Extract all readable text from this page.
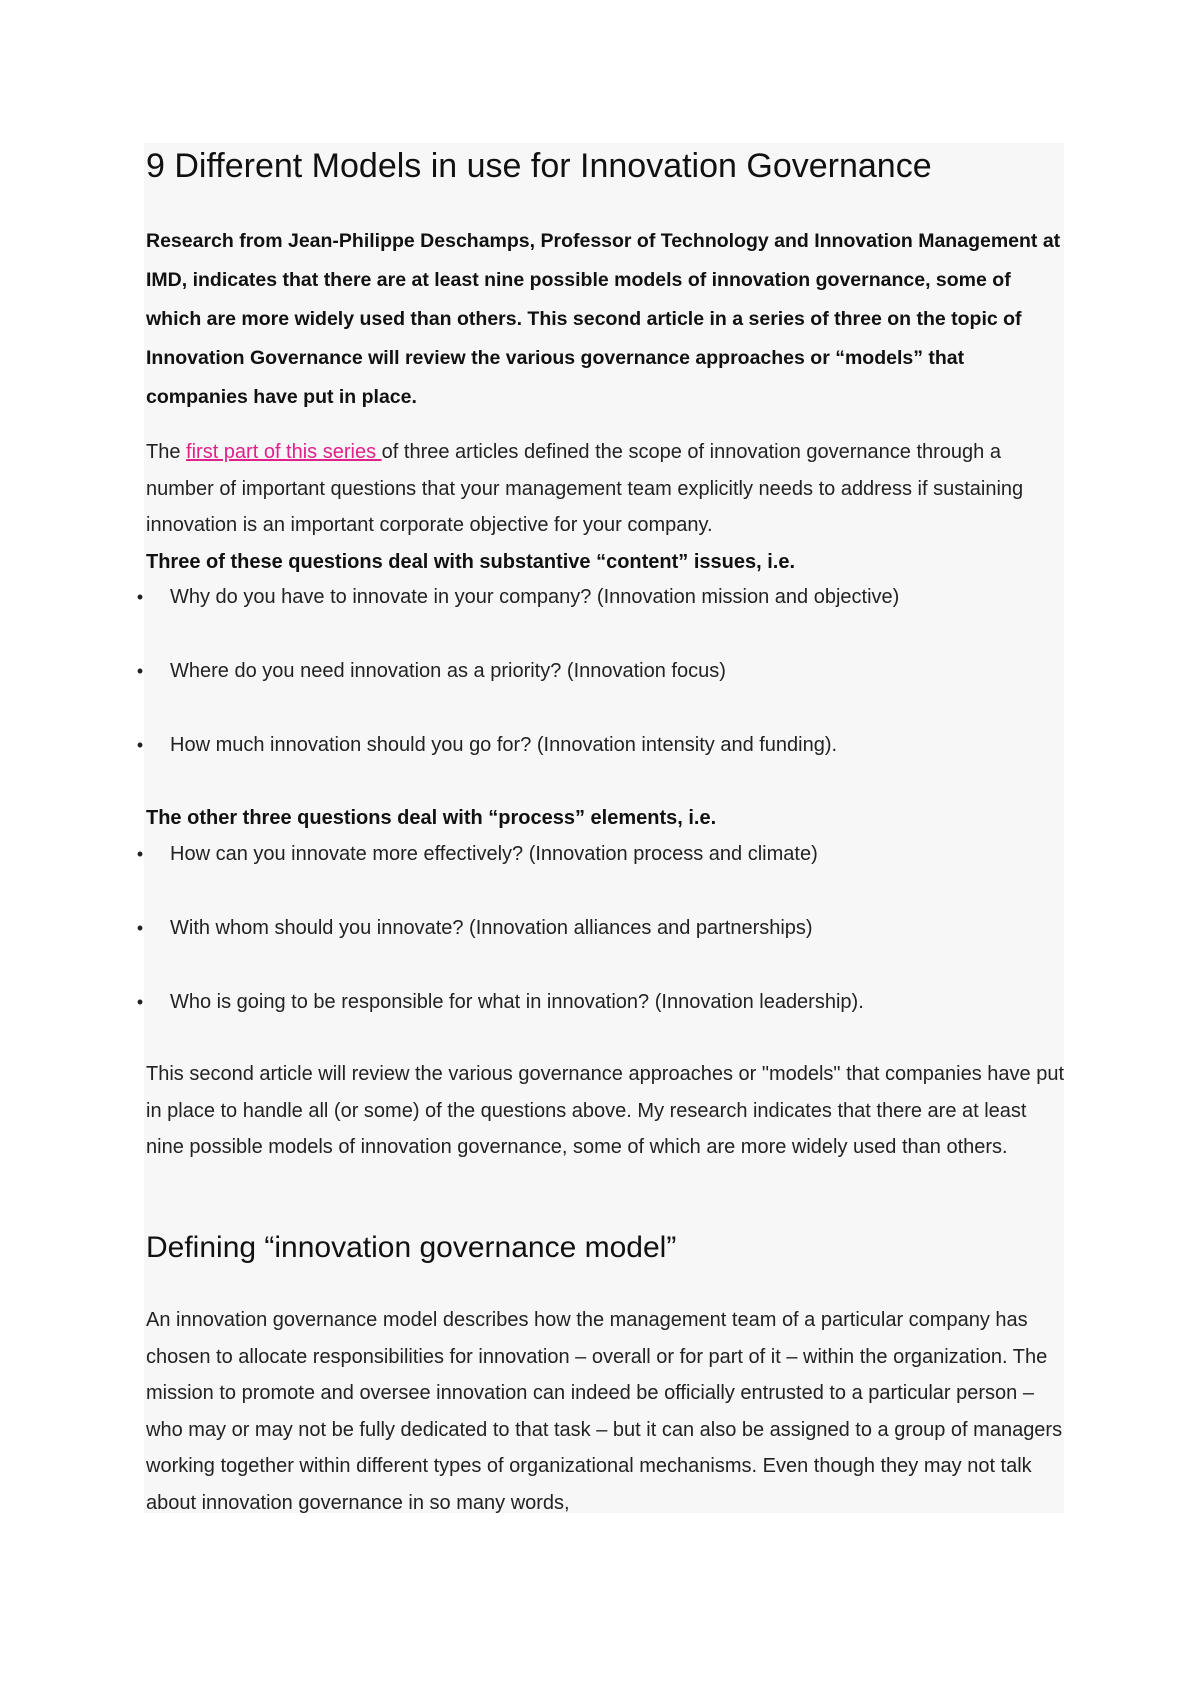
9 Different Models in use for Innovation Governance

Research from Jean-Philippe Deschamps, Professor of Technology and Innovation Management at IMD, indicates that there are at least nine possible models of innovation governance, some of which are more widely used than others. This second article in a series of three on the topic of Innovation Governance will review the various governance approaches or “models” that companies have put in place.

The first part of this series of three articles defined the scope of innovation governance through a number of important questions that your management team explicitly needs to address if sustaining innovation is an important corporate objective for your company.

Three of these questions deal with substantive “content” issues, i.e.
•	Why do you have to innovate in your company? (Innovation mission and objective)
•	Where do you need innovation as a priority? (Innovation focus)
•	How much innovation should you go for? (Innovation intensity and funding).
The other three questions deal with “process” elements, i.e.
•	How can you innovate more effectively? (Innovation process and climate)
•	With whom should you innovate? (Innovation alliances and partnerships)
•	Who is going to be responsible for what in innovation? (Innovation leadership).

This second article will review the various governance approaches or "models" that companies have put in place to handle all (or some) of the questions above. My research indicates that there are at least nine possible models of innovation governance, some of which are more widely used than others.

Defining “innovation governance model”

An innovation governance model describes how the management team of a particular company has chosen to allocate responsibilities for innovation – overall or for part of it – within the organization. The mission to promote and oversee innovation can indeed be officially entrusted to a particular person – who may or may not be fully dedicated to that task – but it can also be assigned to a group of managers working together within different types of organizational mechanisms. Even though they may not talk about innovation governance in so many words,
